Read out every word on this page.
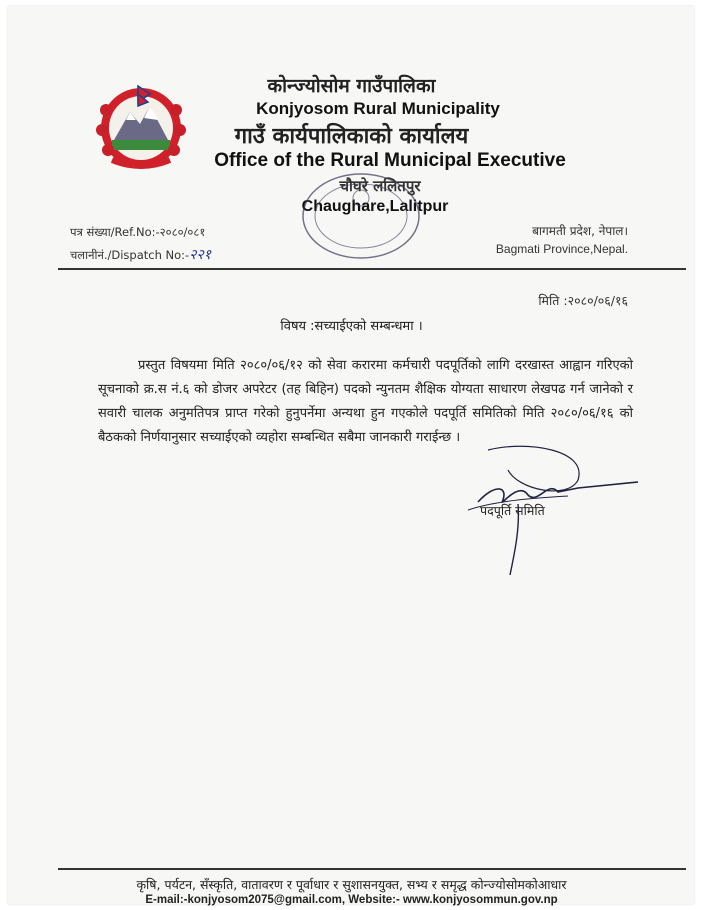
कोन्ज्योसोम गाउँपालिका
Konjyosom Rural Municipality
गाउँ कार्यपालिकाको कार्यालय
Office of the Rural Municipal Executive
चौघरे ललितपुर
Chaughare,Lalitpur
पत्र संख्या/Ref.No:-२०८०/०८१
चलानीनं./Dispatch No:-२२१
बागमती प्रदेश, नेपाल।
Bagmati Province,Nepal.
मिति :२०८०/०६/१६
विषय :सच्याईएको सम्बन्धमा ।
प्रस्तुत विषयमा मिति २०८०/०६/१२ को सेवा करारमा कर्मचारी पदपूर्तिको लागि दरखास्त आह्वान गरिएको सूचनाको क्र.स नं.६ को डोजर अपरेटर (तह बिहिन) पदको न्युनतम शैक्षिक योग्यता साधारण लेखपढ गर्न जानेको र सवारी चालक अनुमतिपत्र प्राप्त गरेको हुनुपर्नेमा अन्यथा हुन गएकोले पदपूर्ति समितिको मिति २०८०/०६/१६ को बैठकको निर्णयानुसार सच्याईएको व्यहोरा सम्बन्धित सबैमा जानकारी गराईन्छ ।
पदपूर्ति समिति
कृषि, पर्यटन, सँस्कृति, वातावरण र पूर्वाधार र सुशासनयुक्त, सभ्य र समृद्ध कोन्ज्योसोमकोआधार
E-mail:-konjyosom2075@gmail.com, Website:- www.konjyosommun.gov.np
